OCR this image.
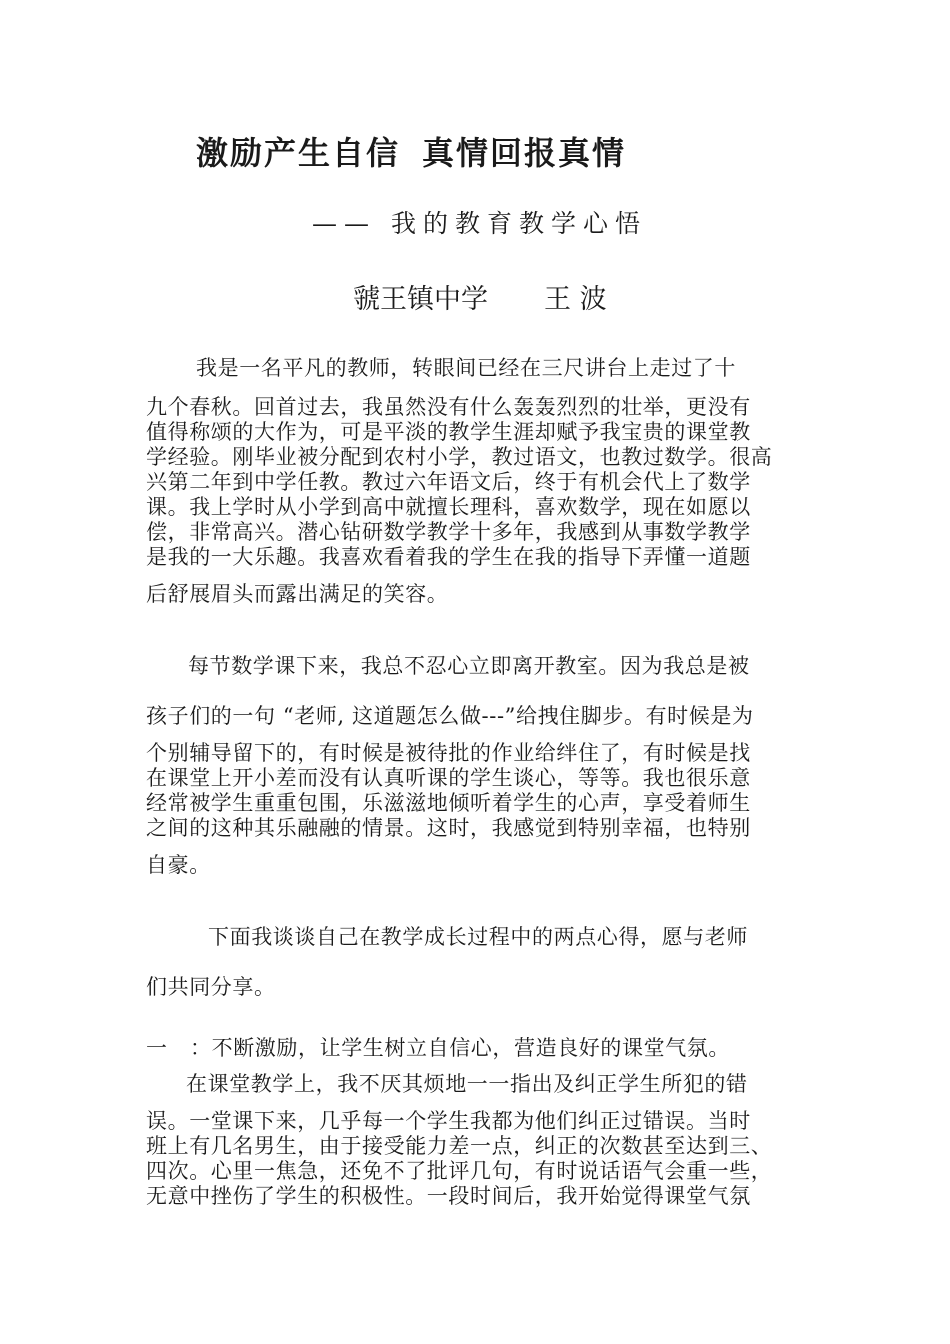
激励产生自信 真情回报真情
—— 我的教育教学心悟
虢王镇中学 王 波
我是一名平凡的教师，转眼间已经在三尺讲台上走过了十
九个春秋。回首过去，我虽然没有什么轰轰烈烈的壮举，更没有
值得称颂的大作为，可是平淡的教学生涯却赋予我宝贵的课堂教
学经验。刚毕业被分配到农村小学，教过语文，也教过数学。很高
兴第二年到中学任教。教过六年语文后，终于有机会代上了数学
课。我上学时从小学到高中就擅长理科，喜欢数学，现在如愿以
偿，非常高兴。潜心钻研数学教学十多年，我感到从事数学教学
是我的一大乐趣。我喜欢看着我的学生在我的指导下弄懂一道题
后舒展眉头而露出满足的笑容。
每节数学课下来，我总不忍心立即离开教室。因为我总是被
孩子们的一句 “老师, 这道题怎么做---”给拽住脚步。有时候是为
个别辅导留下的，有时候是被待批的作业给绊住了，有时候是找
在课堂上开小差而没有认真听课的学生谈心，等等。我也很乐意
经常被学生重重包围，乐滋滋地倾听着学生的心声，享受着师生
之间的这种其乐融融的情景。这时，我感觉到特别幸福，也特别
自豪。
下面我谈谈自己在教学成长过程中的两点心得，愿与老师
们共同分享。
一 ：不断激励，让学生树立自信心，营造良好的课堂气氛。
在课堂教学上，我不厌其烦地一一指出及纠正学生所犯的错
误。一堂课下来，几乎每一个学生我都为他们纠正过错误。当时
班上有几名男生，由于接受能力差一点，纠正的次数甚至达到三、
四次。心里一焦急，还免不了批评几句，有时说话语气会重一些，
无意中挫伤了学生的积极性。一段时间后，我开始觉得课堂气氛
